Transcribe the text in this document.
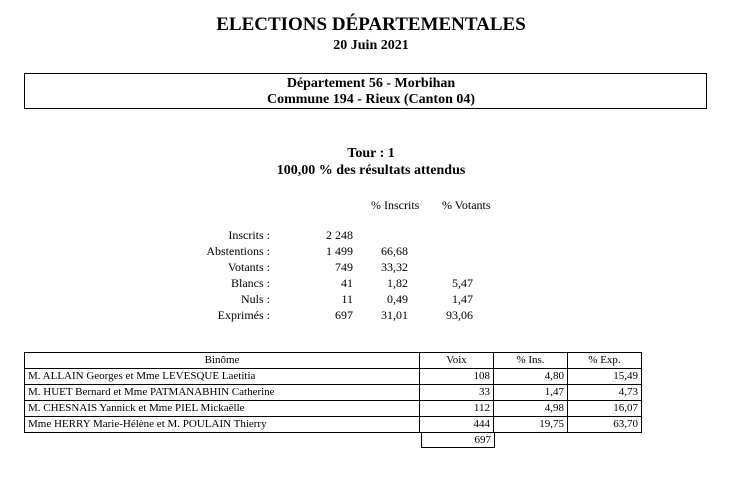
ELECTIONS DÉPARTEMENTALES
20 Juin 2021
Département 56 - Morbihan
Commune 194 - Rieux (Canton 04)
Tour : 1
100,00 % des résultats attendus
% Inscrits % Votants
Inscrits :	2 248
Abstentions :	1 499	66,68
Votants :	749	33,32
Blancs :	41	1,82	5,47
Nuls :	11	0,49	1,47
Exprimés :	697	31,01	93,06
Binôme	Voix	% Ins.	% Exp.
M. ALLAIN Georges et Mme LEVESQUE Laetitia	108	4,80	15,49
M. HUET Bernard et Mme PATMANABHIN Catherine	33	1,47	4,73
M. CHESNAIS Yannick et Mme PIEL Mickaëlle	112	4,98	16,07
Mme HERRY Marie-Hélène et M. POULAIN Thierry	444	19,75	63,70
697
